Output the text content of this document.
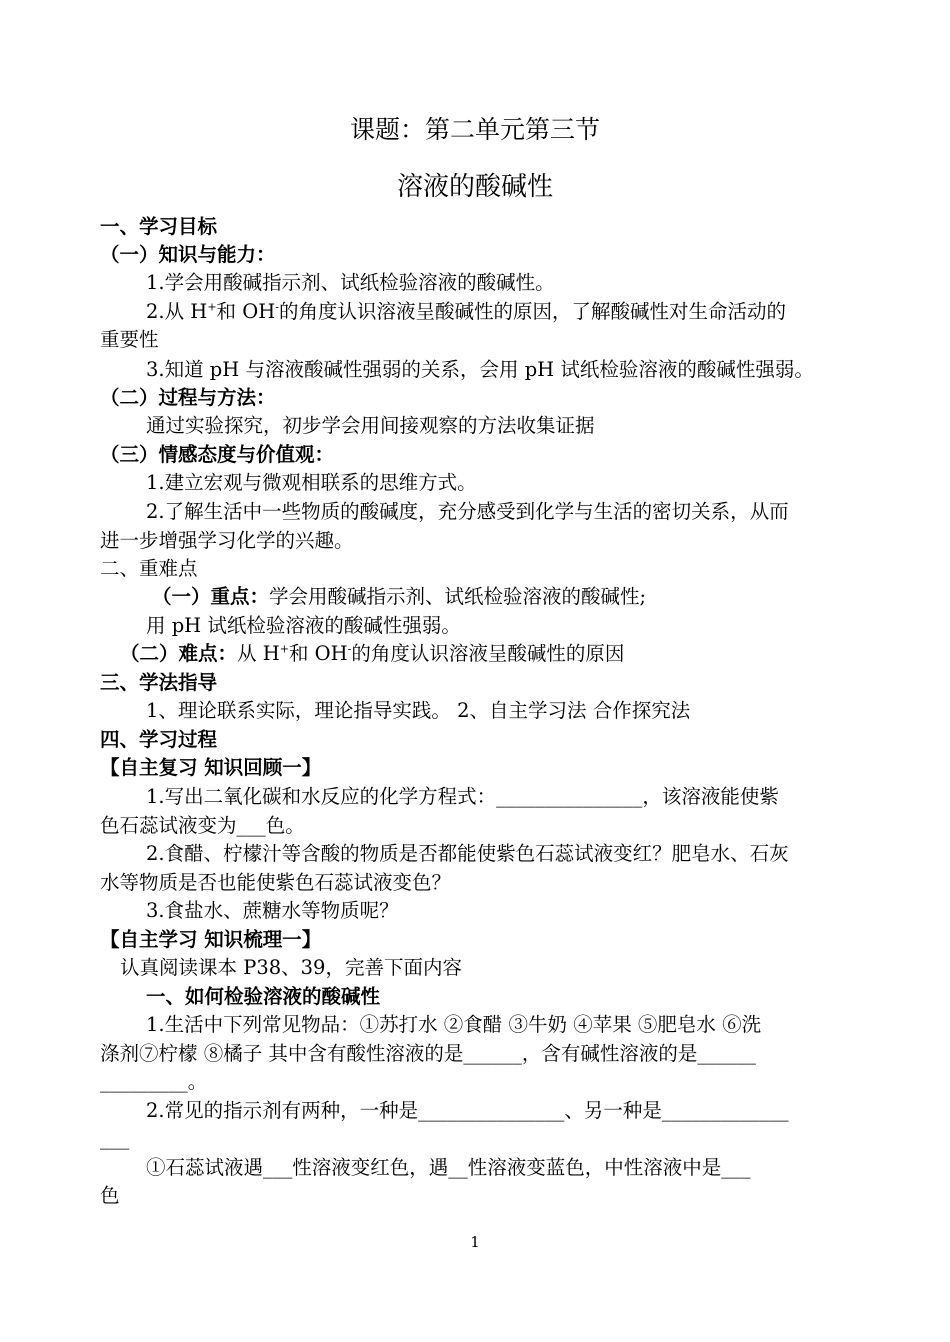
课题：第二单元第三节
溶液的酸碱性
一、学习目标
（一）知识与能力：
1.学会用酸碱指示剂、试纸检验溶液的酸碱性。
2.从 H+和 OH-的角度认识溶液呈酸碱性的原因，了解酸碱性对生命活动的
重要性
3.知道 pH 与溶液酸碱性强弱的关系，会用 pH 试纸检验溶液的酸碱性强弱。
（二）过程与方法：
通过实验探究，初步学会用间接观察的方法收集证据
（三）情感态度与价值观：
1.建立宏观与微观相联系的思维方式。
2.了解生活中一些物质的酸碱度，充分感受到化学与生活的密切关系，从而
进一步增强学习化学的兴趣。
二、重难点
（一）重点：学会用酸碱指示剂、试纸检验溶液的酸碱性;
用 pH 试纸检验溶液的酸碱性强弱。
（二）难点：从 H+和 OH-的角度认识溶液呈酸碱性的原因
三、学法指导
1、理论联系实际，理论指导实践。 2、自主学习法 合作探究法
四、学习过程
【自主复习 知识回顾一】
1.写出二氧化碳和水反应的化学方程式：_______________，该溶液能使紫
色石蕊试液变为___色。
2.食醋、柠檬汁等含酸的物质是否都能使紫色石蕊试液变红？肥皂水、石灰
水等物质是否也能使紫色石蕊试液变色？
3.食盐水、蔗糖水等物质呢？
【自主学习 知识梳理一】
认真阅读课本 P38、39，完善下面内容
一、如何检验溶液的酸碱性
1.生活中下列常见物品：①苏打水 ②食醋 ③牛奶 ④苹果 ⑤肥皂水 ⑥洗
涤剂⑦柠檬 ⑧橘子 其中含有酸性溶液的是______，含有碱性溶液的是______
_________。
2.常见的指示剂有两种，一种是_______________、另一种是_____________
___
①石蕊试液遇___性溶液变红色，遇__性溶液变蓝色，中性溶液中是___
色
1
